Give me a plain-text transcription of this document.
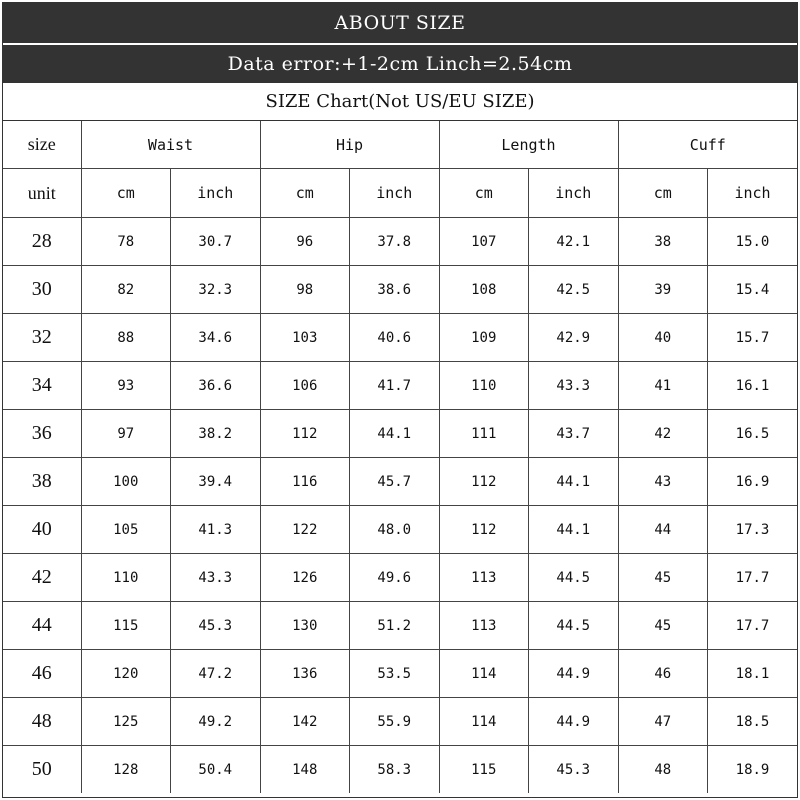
ABOUT SIZE
Data error:+1-2cm Linch=2.54cm
SIZE Chart(Not US/EU SIZE)
size	Waist		Hip		Length		Cuff	
unit	cm	inch	cm	inch	cm	inch	cm	inch
28	78	30.7	96	37.8	107	42.1	38	15.0
30	82	32.3	98	38.6	108	42.5	39	15.4
32	88	34.6	103	40.6	109	42.9	40	15.7
34	93	36.6	106	41.7	110	43.3	41	16.1
36	97	38.2	112	44.1	111	43.7	42	16.5
38	100	39.4	116	45.7	112	44.1	43	16.9
40	105	41.3	122	48.0	112	44.1	44	17.3
42	110	43.3	126	49.6	113	44.5	45	17.7
44	115	45.3	130	51.2	113	44.5	45	17.7
46	120	47.2	136	53.5	114	44.9	46	18.1
48	125	49.2	142	55.9	114	44.9	47	18.5
50	128	50.4	148	58.3	115	45.3	48	18.9
